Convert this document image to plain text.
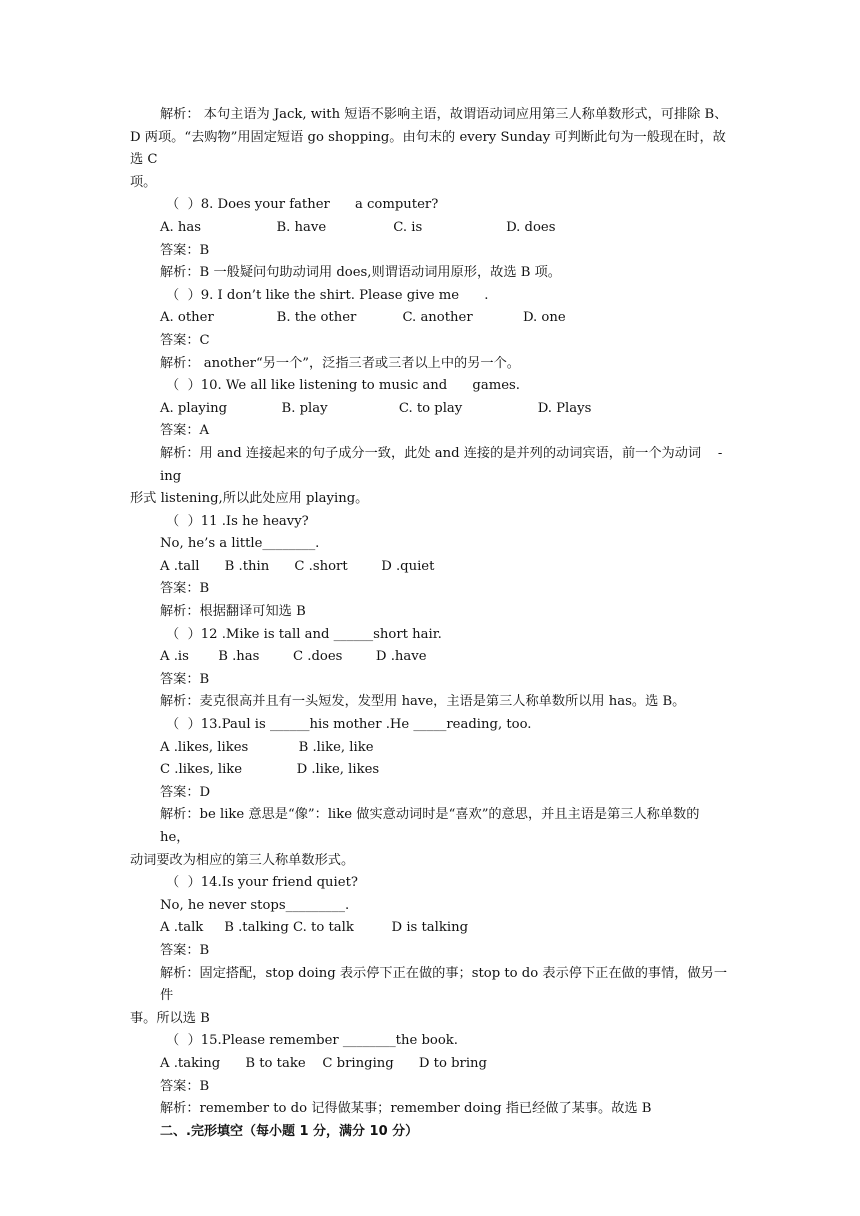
解析： 本句主语为 Jack, with 短语不影响主语，故谓语动词应用第三人称单数形式，可排除 B、

D 两项。“去购物”用固定短语 go shopping。由句末的 every Sunday 可判断此句为一般现在时，故选 C

项。

（  ）8. Does your father      a computer?
A. has                  B. have                C. is                    D. does
答案：B

解析：B 一般疑问句助动词用 does,则谓语动词用原形，故选 B 项。

（  ）9. I don’t like the shirt. Please give me      .
A. other               B. the other           C. another            D. one
答案：C

解析： another“另一个”，泛指三者或三者以上中的另一个。

（  ）10. We all like listening to music and      games.
A. playing             B. play                 C. to play                  D. Plays
答案：A

解析：用 and 连接起来的句子成分一致，此处 and 连接的是并列的动词宾语，前一个为动词    -ing

形式 listening,所以此处应用 playing。

（  ）11 .Is he heavy?
No, he’s a little________.
A .tall      B .thin      C .short        D .quiet
答案：B

解析：根据翻译可知选 B

（  ）12 .Mike is tall and ______short hair.
A .is       B .has        C .does        D .have
答案：B

解析：麦克很高并且有一头短发，发型用 have，主语是第三人称单数所以用 has。选 B。

（  ）13.Paul is ______his mother .He _____reading, too.
A .likes, likes            B .like, like
C .likes, like             D .like, likes
答案：D

解析：be like 意思是“像”：like 做实意动词时是“喜欢”的意思，并且主语是第三人称单数的 he，

动词要改为相应的第三人称单数形式。

（  ）14.Is your friend quiet?
No, he never stops_________.
A .talk     B .talking C. to talk         D is talking
答案：B

解析：固定搭配，stop doing 表示停下正在做的事；stop to do 表示停下正在做的事情，做另一件

事。所以选 B

（  ）15.Please remember ________the book.
A .taking      B to take    C bringing      D to bring
答案：B

解析：remember to do 记得做某事；remember doing 指已经做了某事。故选 B

二、.完形填空（每小题 1 分，满分 10 分）
